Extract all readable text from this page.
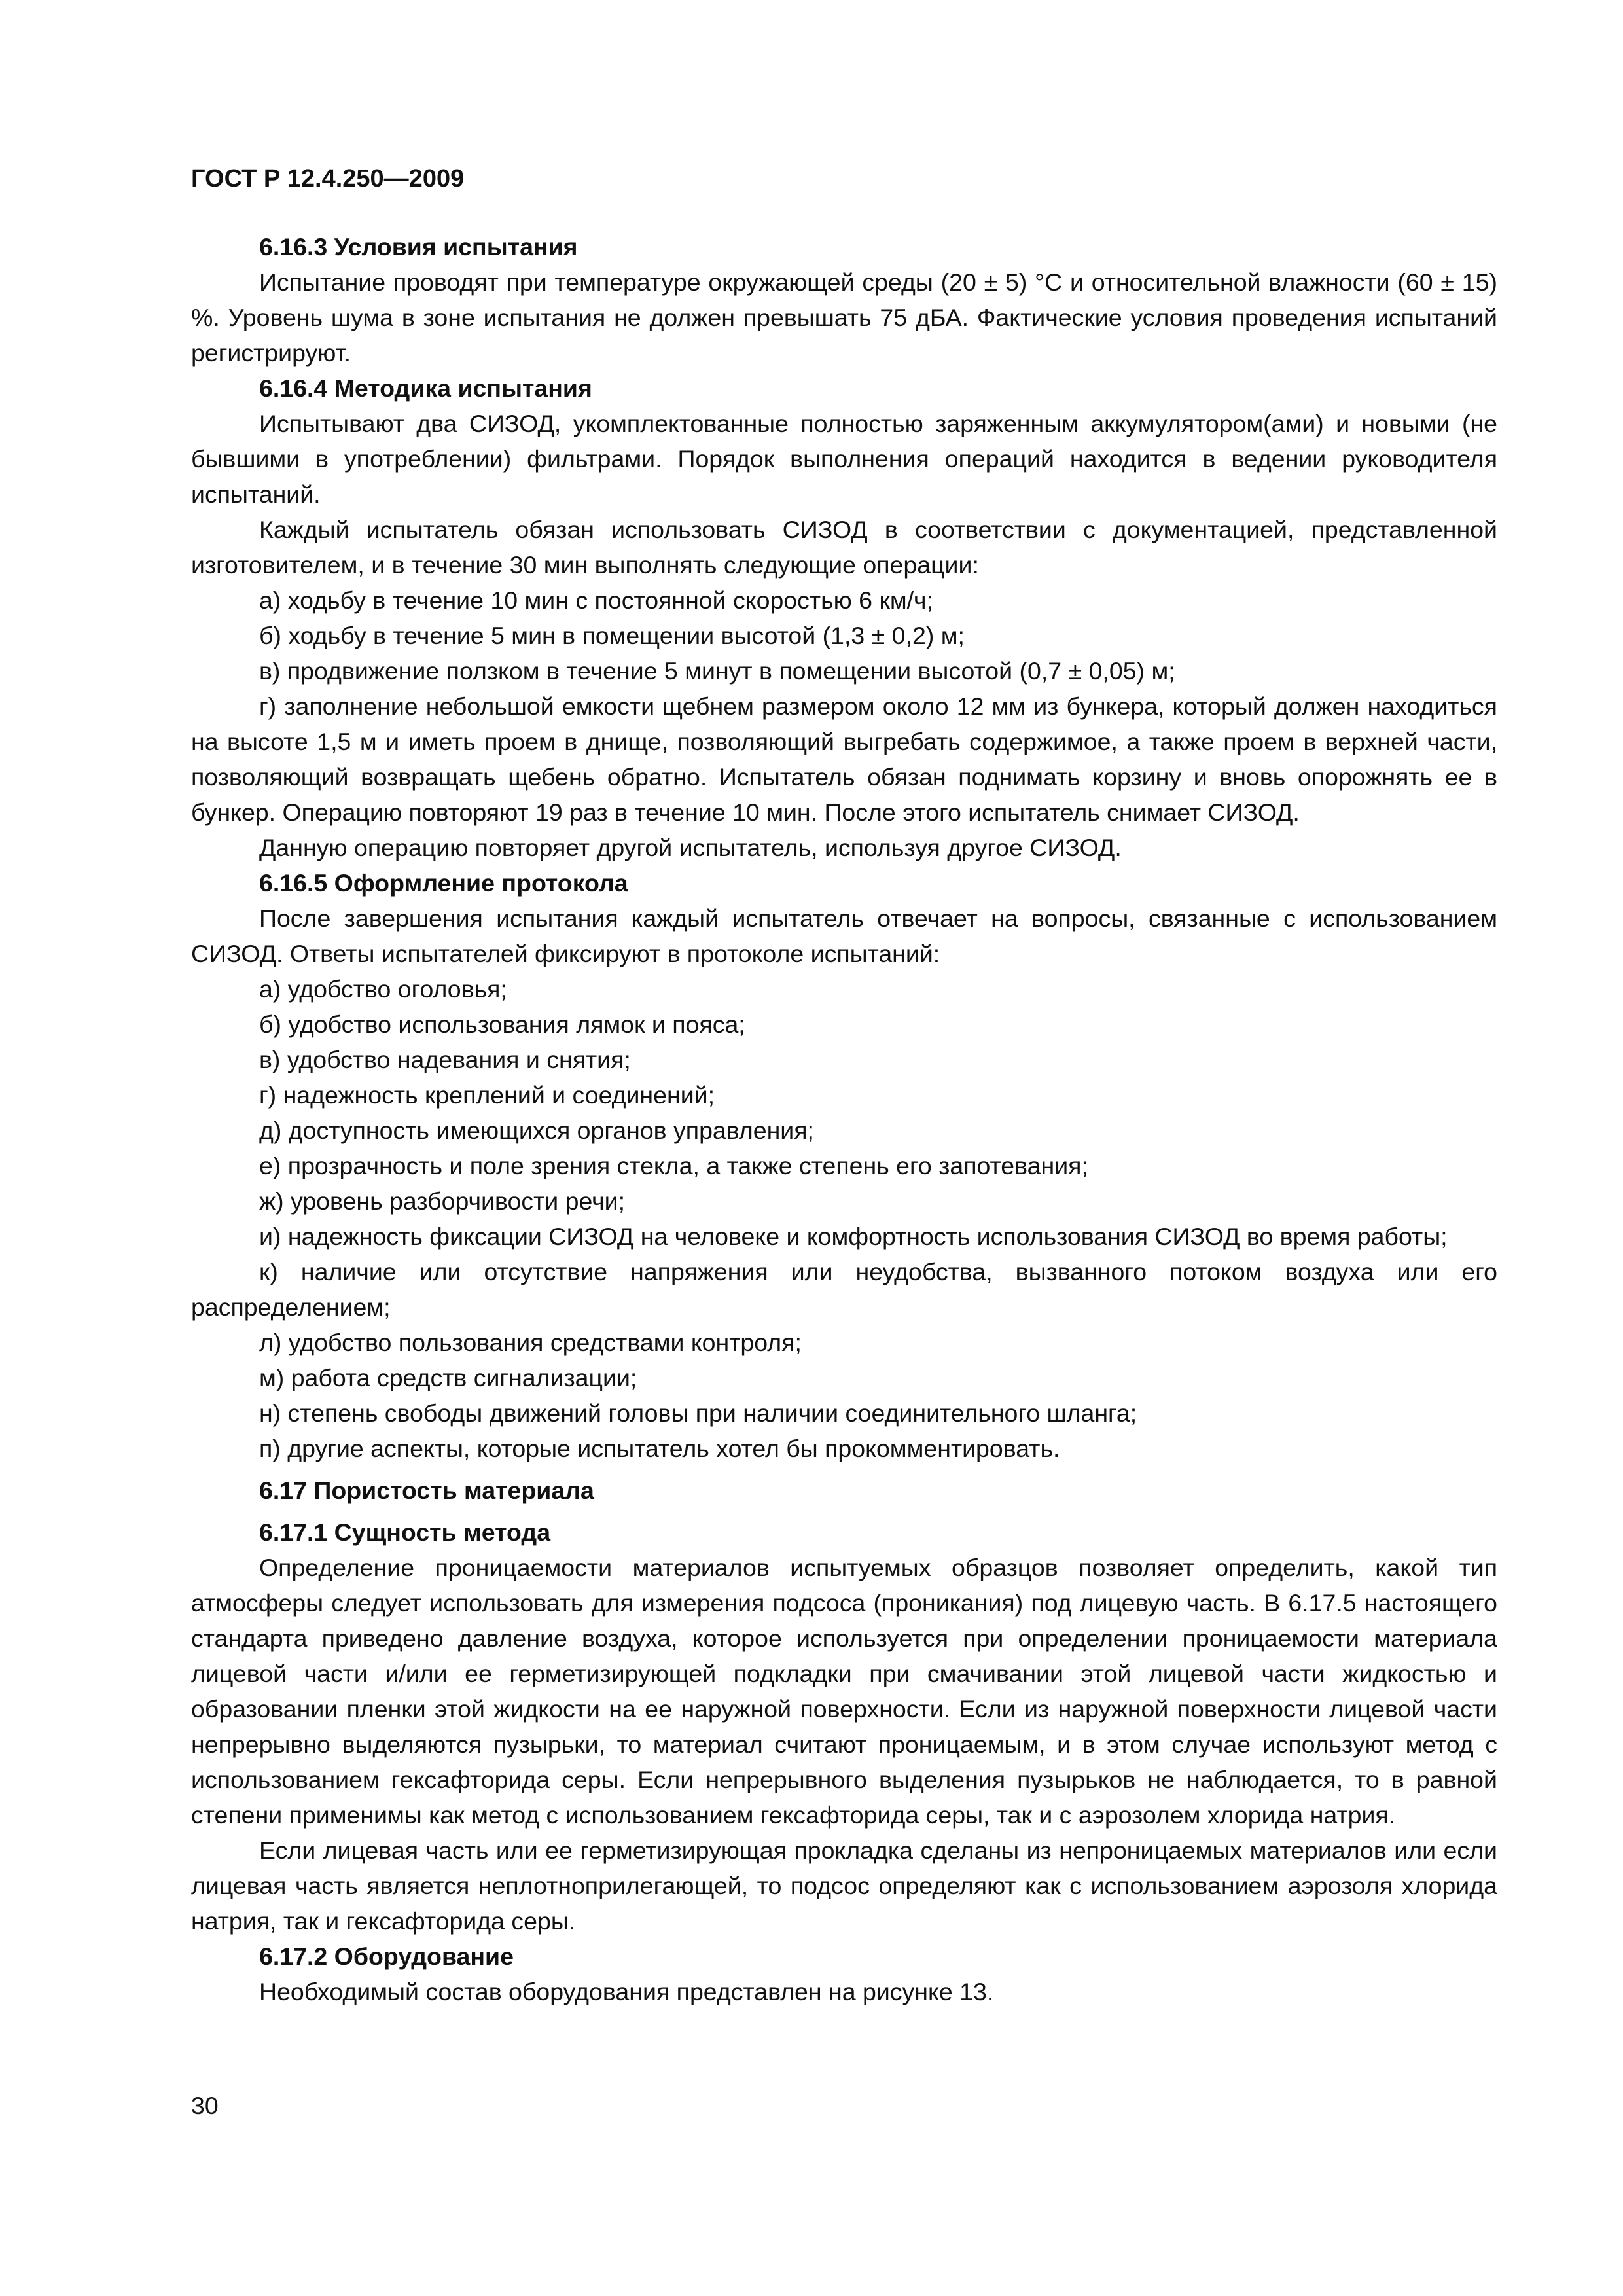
ГОСТ Р 12.4.250—2009
6.16.3 Условия испытания
Испытание проводят при температуре окружающей среды (20 ± 5) °С и относительной влажности (60 ± 15) %. Уровень шума в зоне испытания не должен превышать 75 дБА. Фактические условия проведения испытаний регистрируют.
6.16.4 Методика испытания
Испытывают два СИЗОД, укомплектованные полностью заряженным аккумулятором(ами) и новыми (не бывшими в употреблении) фильтрами. Порядок выполнения операций находится в ведении руководителя испытаний.
Каждый испытатель обязан использовать СИЗОД в соответствии с документацией, представленной изготовителем, и в течение 30 мин выполнять следующие операции:
а) ходьбу в течение 10 мин с постоянной скоростью 6 км/ч;
б) ходьбу в течение 5 мин в помещении высотой (1,3 ± 0,2) м;
в) продвижение ползком в течение 5 минут в помещении высотой (0,7 ± 0,05) м;
г) заполнение небольшой емкости щебнем размером около 12 мм из бункера, который должен находиться на высоте 1,5 м и иметь проем в днище, позволяющий выгребать содержимое, а также проем в верхней части, позволяющий возвращать щебень обратно. Испытатель обязан поднимать корзину и вновь опорожнять ее в бункер. Операцию повторяют 19 раз в течение 10 мин. После этого испытатель снимает СИЗОД.
Данную операцию повторяет другой испытатель, используя другое СИЗОД.
6.16.5 Оформление протокола
После завершения испытания каждый испытатель отвечает на вопросы, связанные с использованием СИЗОД. Ответы испытателей фиксируют в протоколе испытаний:
а) удобство оголовья;
б) удобство использования лямок и пояса;
в) удобство надевания и снятия;
г) надежность креплений и соединений;
д) доступность имеющихся органов управления;
е) прозрачность и поле зрения стекла, а также степень его запотевания;
ж) уровень разборчивости речи;
и) надежность фиксации СИЗОД на человеке и комфортность использования СИЗОД во время работы;
к) наличие или отсутствие напряжения или неудобства, вызванного потоком воздуха или его распределением;
л) удобство пользования средствами контроля;
м) работа средств сигнализации;
н) степень свободы движений головы при наличии соединительного шланга;
п) другие аспекты, которые испытатель хотел бы прокомментировать.
6.17 Пористость материала
6.17.1 Сущность метода
Определение проницаемости материалов испытуемых образцов позволяет определить, какой тип атмосферы следует использовать для измерения подсоса (проникания) под лицевую часть. В 6.17.5 настоящего стандарта приведено давление воздуха, которое используется при определении проницаемости материала лицевой части и/или ее герметизирующей подкладки при смачивании этой лицевой части жидкостью и образовании пленки этой жидкости на ее наружной поверхности. Если из наружной поверхности лицевой части непрерывно выделяются пузырьки, то материал считают проницаемым, и в этом случае используют метод с использованием гексафторида серы. Если непрерывного выделения пузырьков не наблюдается, то в равной степени применимы как метод с использованием гексафторида серы, так и с аэрозолем хлорида натрия.
Если лицевая часть или ее герметизирующая прокладка сделаны из непроницаемых материалов или если лицевая часть является неплотноприлегающей, то подсос определяют как с использованием аэрозоля хлорида натрия, так и гексафторида серы.
6.17.2 Оборудование
Необходимый состав оборудования представлен на рисунке 13.
30
